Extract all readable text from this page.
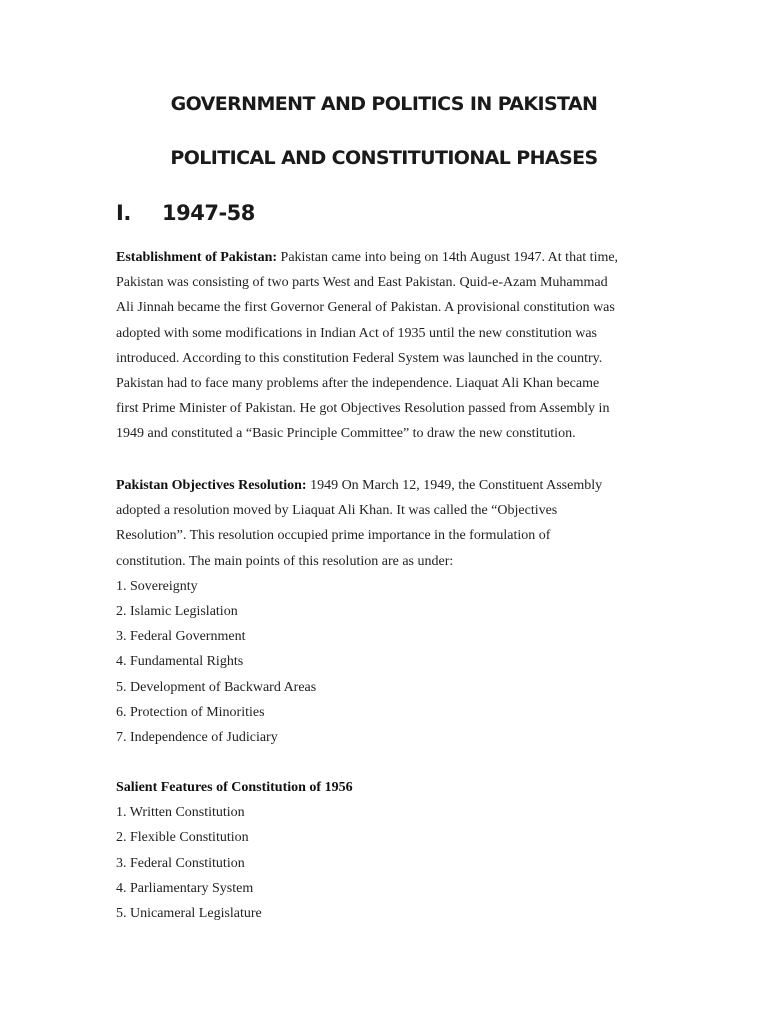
GOVERNMENT AND POLITICS IN PAKISTAN
POLITICAL AND CONSTITUTIONAL PHASES
I. 1947-58
Establishment of Pakistan: Pakistan came into being on 14th August 1947. At that time,
Pakistan was consisting of two parts West and East Pakistan. Quid-e-Azam Muhammad
Ali Jinnah became the first Governor General of Pakistan. A provisional constitution was
adopted with some modifications in Indian Act of 1935 until the new constitution was
introduced. According to this constitution Federal System was launched in the country.
Pakistan had to face many problems after the independence. Liaquat Ali Khan became
first Prime Minister of Pakistan. He got Objectives Resolution passed from Assembly in
1949 and constituted a “Basic Principle Committee” to draw the new constitution.
Pakistan Objectives Resolution: 1949 On March 12, 1949, the Constituent Assembly
adopted a resolution moved by Liaquat Ali Khan. It was called the “Objectives
Resolution”. This resolution occupied prime importance in the formulation of
constitution. The main points of this resolution are as under:
1. Sovereignty
2. Islamic Legislation
3. Federal Government
4. Fundamental Rights
5. Development of Backward Areas
6. Protection of Minorities
7. Independence of Judiciary
Salient Features of Constitution of 1956
1. Written Constitution
2. Flexible Constitution
3. Federal Constitution
4. Parliamentary System
5. Unicameral Legislature
